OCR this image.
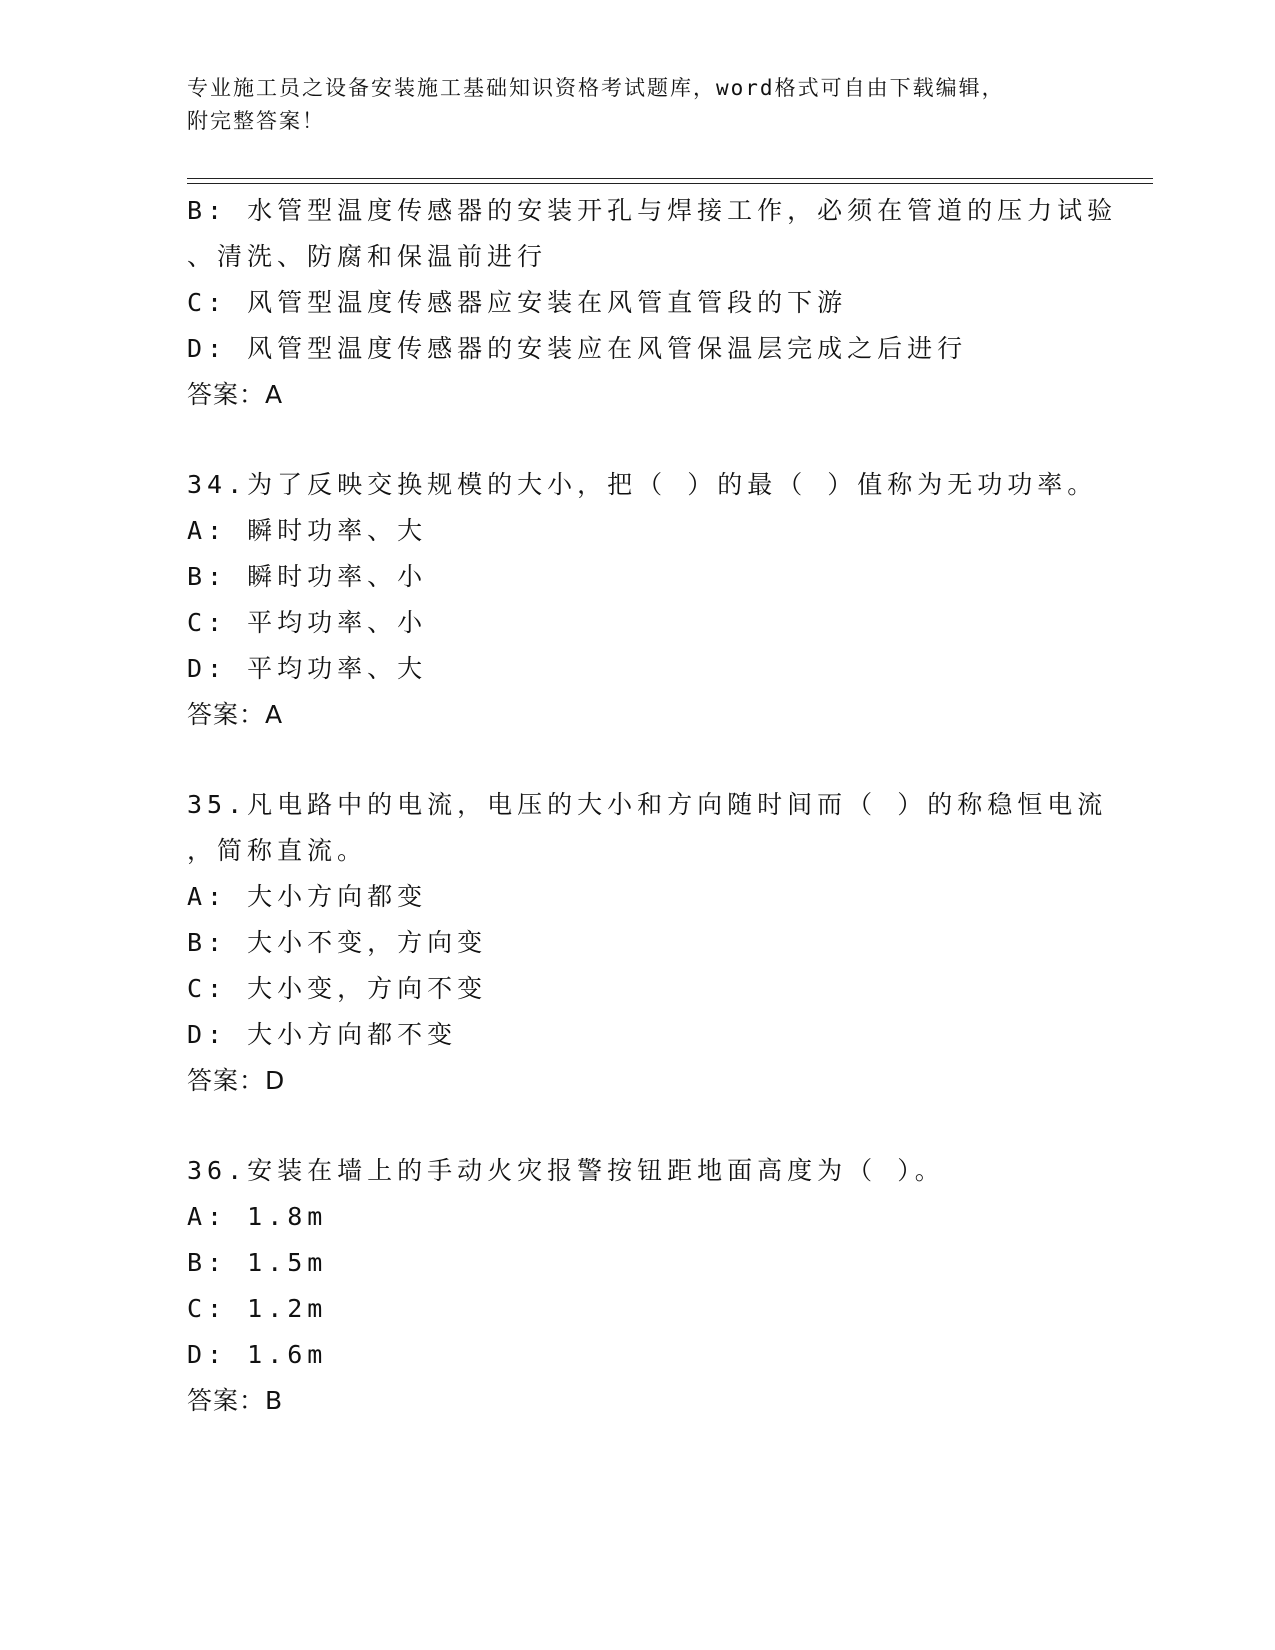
专业施工员之设备安装施工基础知识资格考试题库，word格式可自由下载编辑，
附完整答案！
B: 水管型温度传感器的安装开孔与焊接工作，必须在管道的压力试验
、清洗、防腐和保温前进行
C: 风管型温度传感器应安装在风管直管段的下游
D: 风管型温度传感器的安装应在风管保温层完成之后进行
答案：A
34.为了反映交换规模的大小，把（ ）的最（ ）值称为无功功率。
A: 瞬时功率、大
B: 瞬时功率、小
C: 平均功率、小
D: 平均功率、大
答案：A
35.凡电路中的电流，电压的大小和方向随时间而（ ）的称稳恒电流
，简称直流。
A: 大小方向都变
B: 大小不变，方向变
C: 大小变，方向不变
D: 大小方向都不变
答案：D
36.安装在墙上的手动火灾报警按钮距地面高度为（ ）。
A: 1.8m
B: 1.5m
C: 1.2m
D: 1.6m
答案：B
